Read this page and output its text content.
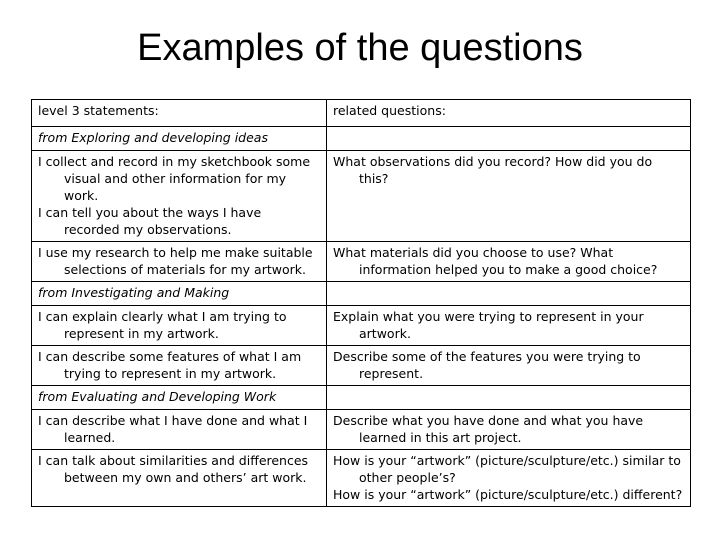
Examples of the questions
level 3 statements:	related questions:
from Exploring and developing ideas	

I collect and record in my sketchbook some visual and other information for my work.
I can tell you about the ways I have recorded my observations.	What observations did you record? How did you do this?

I use my research to help me make suitable selections of materials for my artwork.	What materials did you choose to use? What information helped you to make a good choice?

from Investigating and Making	

I can explain clearly what I am trying to represent in my artwork.	Explain what you were trying to represent in your artwork.

I can describe some features of what I am trying to represent in my artwork.	Describe some of the features you were trying to represent.

from Evaluating and Developing Work	

I can describe what I have done and what I learned.	Describe what you have done and what you have learned in this art project.

I can talk about similarities and differences between my own and others’ art work.	How is your “artwork” (picture/sculpture/etc.) similar to other people’s?
How is your “artwork” (picture/sculpture/etc.) different?
